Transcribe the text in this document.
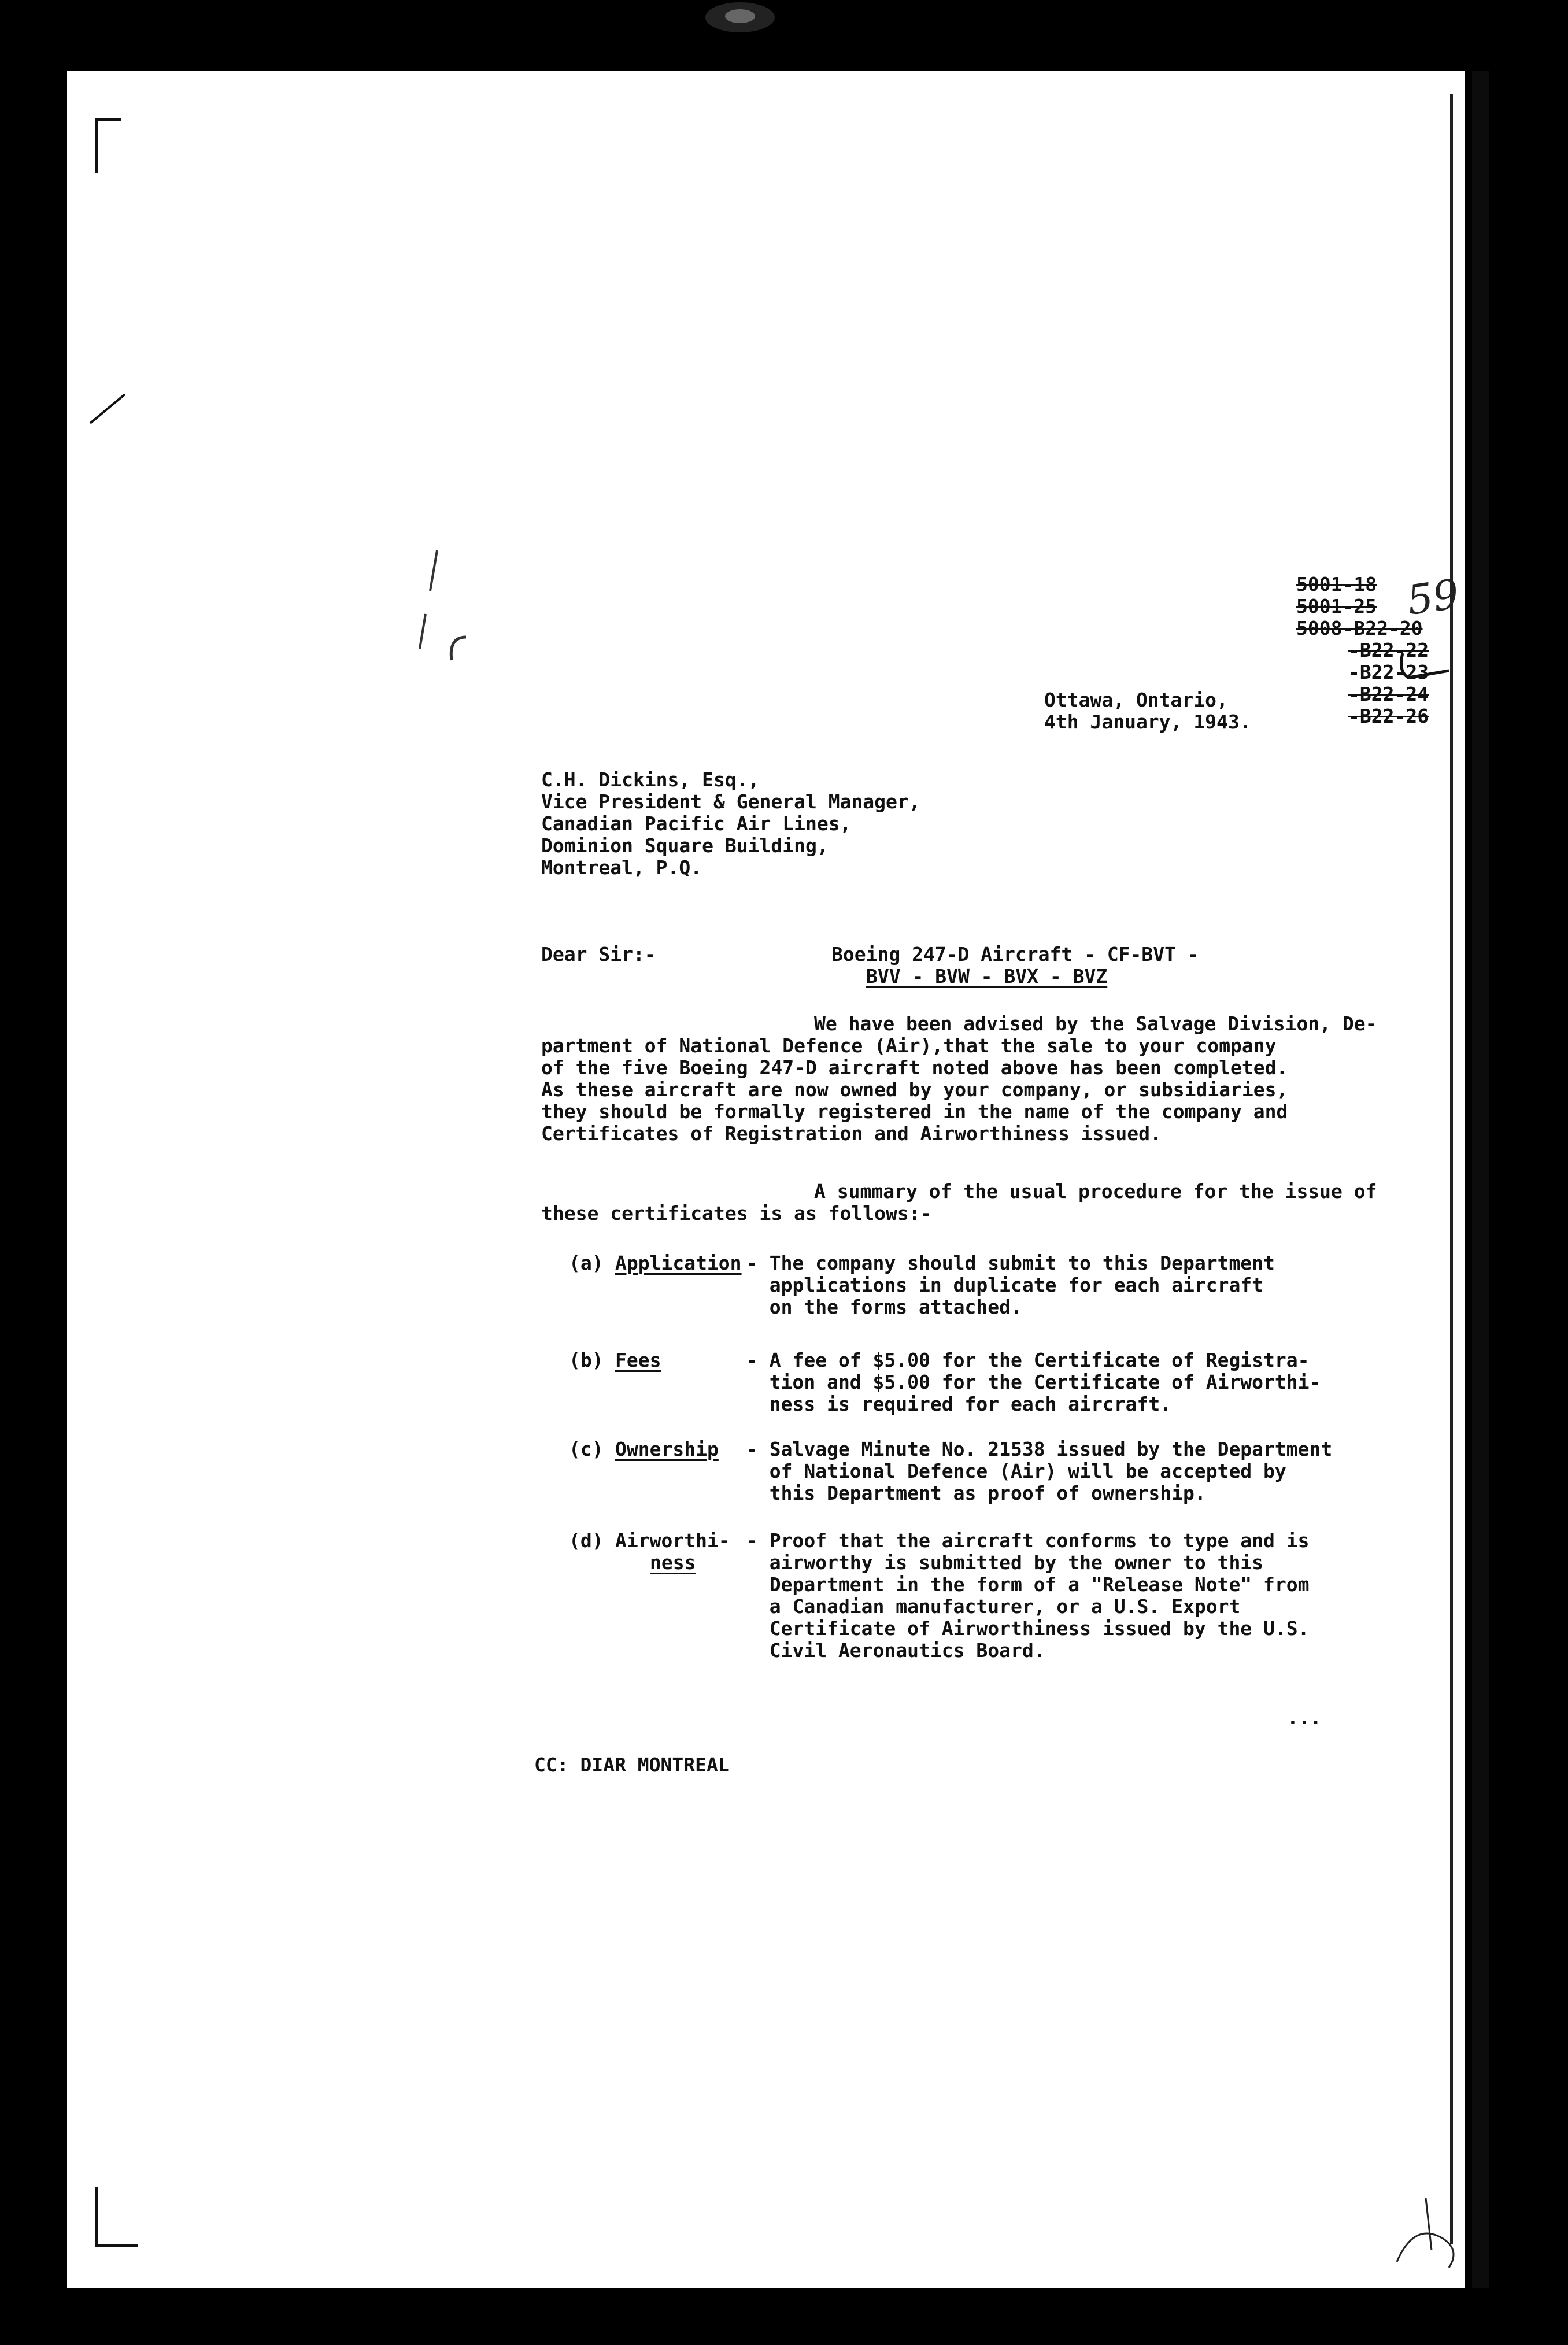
5001-18
5001-25
5008-B22-20
-B22-22
-B22-23
-B22-24
-B22-26
59
Ottawa, Ontario,
4th January, 1943.
C.H. Dickins, Esq.,
Vice President & General Manager,
Canadian Pacific Air Lines,
Dominion Square Building,
Montreal, P.Q.
Dear Sir:-	Boeing 247-D Aircraft - CF-BVT -
BVV - BVW - BVX - BVZ
We have been advised by the Salvage Division, De-
partment of National Defence (Air),that the sale to your company
of the five Boeing 247-D aircraft noted above has been completed.
As these aircraft are now owned by your company, or subsidiaries,
they should be formally registered in the name of the company and
Certificates of Registration and Airworthiness issued.
A summary of the usual procedure for the issue of
these certificates is as follows:-
(a) Application - The company should submit to this Department
applications in duplicate for each aircraft
on the forms attached.
(b) Fees	- A fee of $5.00 for the Certificate of Registra-
tion and $5.00 for the Certificate of Airworthi-
ness is required for each aircraft.
(c) Ownership - Salvage Minute No. 21538 issued by the Department
of National Defence (Air) will be accepted by
this Department as proof of ownership.
(d) Airworthi-
ness
- Proof that the aircraft conforms to type and is
airworthy is submitted by the owner to this
Department in the form of a "Release Note" from
a Canadian manufacturer, or a U.S. Export
Certificate of Airworthiness issued by the U.S.
Civil Aeronautics Board.
...
CC: DIAR MONTREAL
